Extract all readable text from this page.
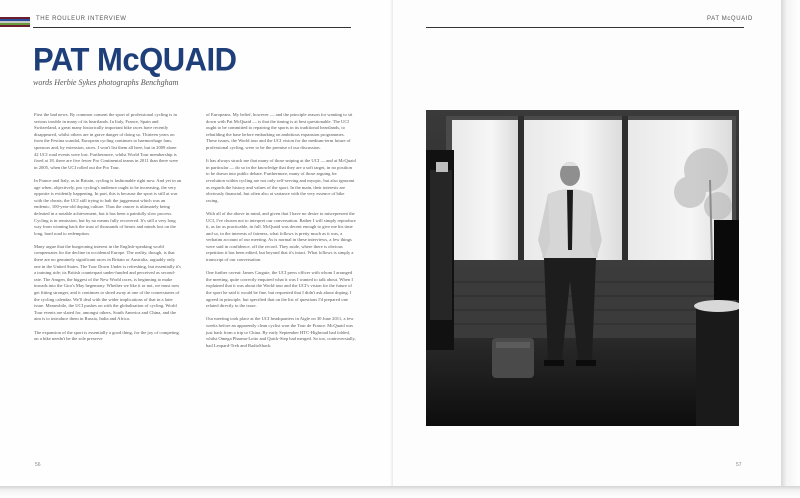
THE ROULEUR INTERVIEW
PAT McQUAID
words Herbie Sykes photographs Benchgham

First the bad news. By common consent the sport of professional cycling is in serious trouble in many of its heartlands. In Italy, France, Spain and Switzerland, a great many historically important bike races have recently disappeared, whilst others are in grave danger of doing so. Thirteen years on from the Festina scandal, European cycling continues to haemorrhage fans, sponsors and, by extension, races. I won't list them all here, but in 2009 alone 42 UCI road events were lost. Furthermore, whilst World Tour membership is fixed at 18, there are five fewer Pro Continental teams in 2011 than there were in 2005, when the UCI rolled out the Pro Tour.

In France and Italy, as in Britain, cycling is fashionable right now. And yet in an age when, objectively, pro cycling's audience ought to be increasing, the very opposite is evidently happening. In part, this is because the sport is still at war with the cheats; the UCI still trying to halt the juggernaut which was an endemic, 100-year-old doping culture. Thus the cancer is ultimately being defeated in a notable achievement, but it has been a painfully slow process. Cycling is in remission, but by no means fully recovered. It's still a very long way from winning back the trust of thousands of hearts and minds lost on the long, hard road to redemption.

Many argue that the burgeoning interest in the English-speaking world compensates for the decline in occidental Europe. The reality, though, is that there are no genuinely significant races in Britain or Australia, arguably only one in the United States. The Tour Down Under is refreshing, but essentially it's a training ride; its British counterpart under-funded and perceived as second-rate. The Amgen, the biggest of the New World races, is beginning to make inroads into the Giro's May hegemony. Whether we like it or not, we must now get fitting stronger, and it continues to shred away at one of the cornerstones of the cycling calendar. We'll deal with the wider implications of that in a later issue. Meanwhile, the UCI pushes on with the globalisation of cycling. World Tour events are slated for, amongst others, South America and China, and the aim is to introduce them in Russia, India and Africa.

The expansion of the sport is essentially a good thing, for the joy of competing on a bike needn't be the sole preserve

of Europeans. My belief, however — and the principle reason for wanting to sit down with Pat McQuaid — is that the timing is at best questionable. The UCI ought to be committed to repairing the sports in its traditional heartlands, to rebuilding the base before embarking on ambitious expansion programmes. These issues, the World tour and the UCI vision for the medium-term future of professional cycling, were to be the premise of our discussion.

It has always struck me that many of those sniping at the UCI — and at McQuaid in particular — do so in the knowledge that they are a soft target, in no position to be drawn into public debate. Furthermore, many of those arguing for revolution within cycling are not only self-serving and myopic, but also ignorant as regards the history and values of the sport. In the main, their interests are obviously financial, but often also at variance with the very essence of bike racing.

With all of the above in mind, and given that I have no desire to misrepresent the UCI, I've chosen not to interpret our conversation. Rather I will simply reproduce it, as far as practicable, in full. McQuaid was decent enough to give me his time and so, in the interests of fairness, what follows is pretty much as it was, a verbatim account of our meeting. As is normal in these interviews, a few things were said in confidence, off the record. They aside, where there is obvious repetition it has been edited, but beyond that it's intact. What follows is simply a transcript of our conversation.

One further caveat: James Carguie, the UCI press officer with whom I arranged the meeting, quite correctly enquired what it was I wanted to talk about. When I explained that it was about the World tour and the UCI's vision for the future of the sport he said it would be fine, but requested that I didn't ask about doping. I agreed in principle, but specified that on the list of questions I'd prepared one related directly to the issue.

Our meeting took place at the UCI headquarters in Aigle on 30 June 2011, a few weeks before an apparently clean cyclist won the Tour de France. McQuaid was just back from a trip to China. By early September HTC-Highroad had folded, whilst Omega Pharma-Lotto and Quick-Step had merged. So too, controversially, had Leopard-Trek and RadioShack.

56
PAT McQUAID
57
